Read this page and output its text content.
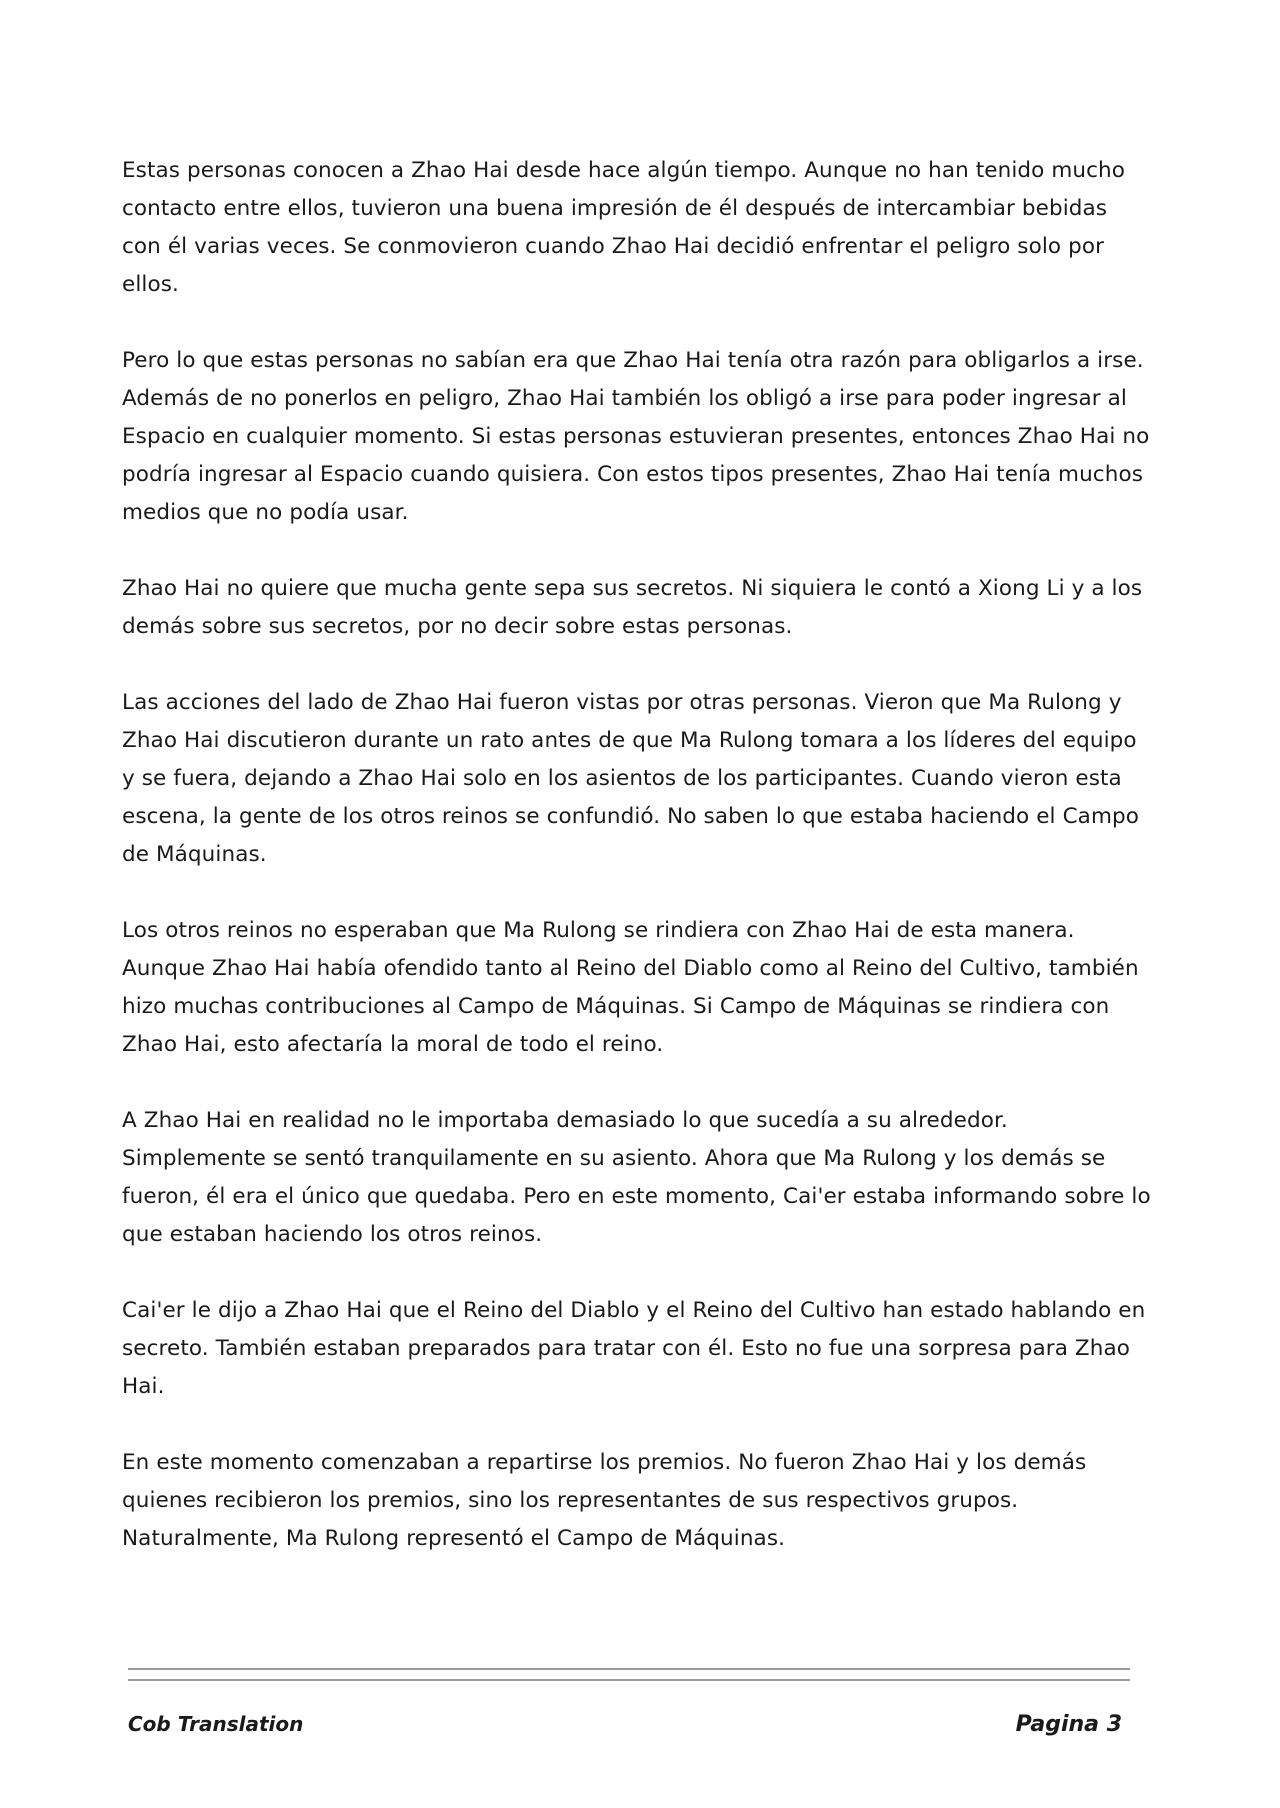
Estas personas conocen a Zhao Hai desde hace algún tiempo. Aunque no han tenido mucho contacto entre ellos, tuvieron una buena impresión de él después de intercambiar bebidas con él varias veces. Se conmovieron cuando Zhao Hai decidió enfrentar el peligro solo por ellos.

Pero lo que estas personas no sabían era que Zhao Hai tenía otra razón para obligarlos a irse. Además de no ponerlos en peligro, Zhao Hai también los obligó a irse para poder ingresar al Espacio en cualquier momento. Si estas personas estuvieran presentes, entonces Zhao Hai no podría ingresar al Espacio cuando quisiera. Con estos tipos presentes, Zhao Hai tenía muchos medios que no podía usar.

Zhao Hai no quiere que mucha gente sepa sus secretos. Ni siquiera le contó a Xiong Li y a los demás sobre sus secretos, por no decir sobre estas personas.

Las acciones del lado de Zhao Hai fueron vistas por otras personas. Vieron que Ma Rulong y Zhao Hai discutieron durante un rato antes de que Ma Rulong tomara a los líderes del equipo y se fuera, dejando a Zhao Hai solo en los asientos de los participantes. Cuando vieron esta escena, la gente de los otros reinos se confundió. No saben lo que estaba haciendo el Campo de Máquinas.

Los otros reinos no esperaban que Ma Rulong se rindiera con Zhao Hai de esta manera. Aunque Zhao Hai había ofendido tanto al Reino del Diablo como al Reino del Cultivo, también hizo muchas contribuciones al Campo de Máquinas. Si Campo de Máquinas se rindiera con Zhao Hai, esto afectaría la moral de todo el reino.

A Zhao Hai en realidad no le importaba demasiado lo que sucedía a su alrededor. Simplemente se sentó tranquilamente en su asiento. Ahora que Ma Rulong y los demás se fueron, él era el único que quedaba. Pero en este momento, Cai'er estaba informando sobre lo que estaban haciendo los otros reinos.

Cai'er le dijo a Zhao Hai que el Reino del Diablo y el Reino del Cultivo han estado hablando en secreto. También estaban preparados para tratar con él. Esto no fue una sorpresa para Zhao Hai.

En este momento comenzaban a repartirse los premios. No fueron Zhao Hai y los demás quienes recibieron los premios, sino los representantes de sus respectivos grupos. Naturalmente, Ma Rulong representó el Campo de Máquinas.

Cob Translation	Pagina 3
